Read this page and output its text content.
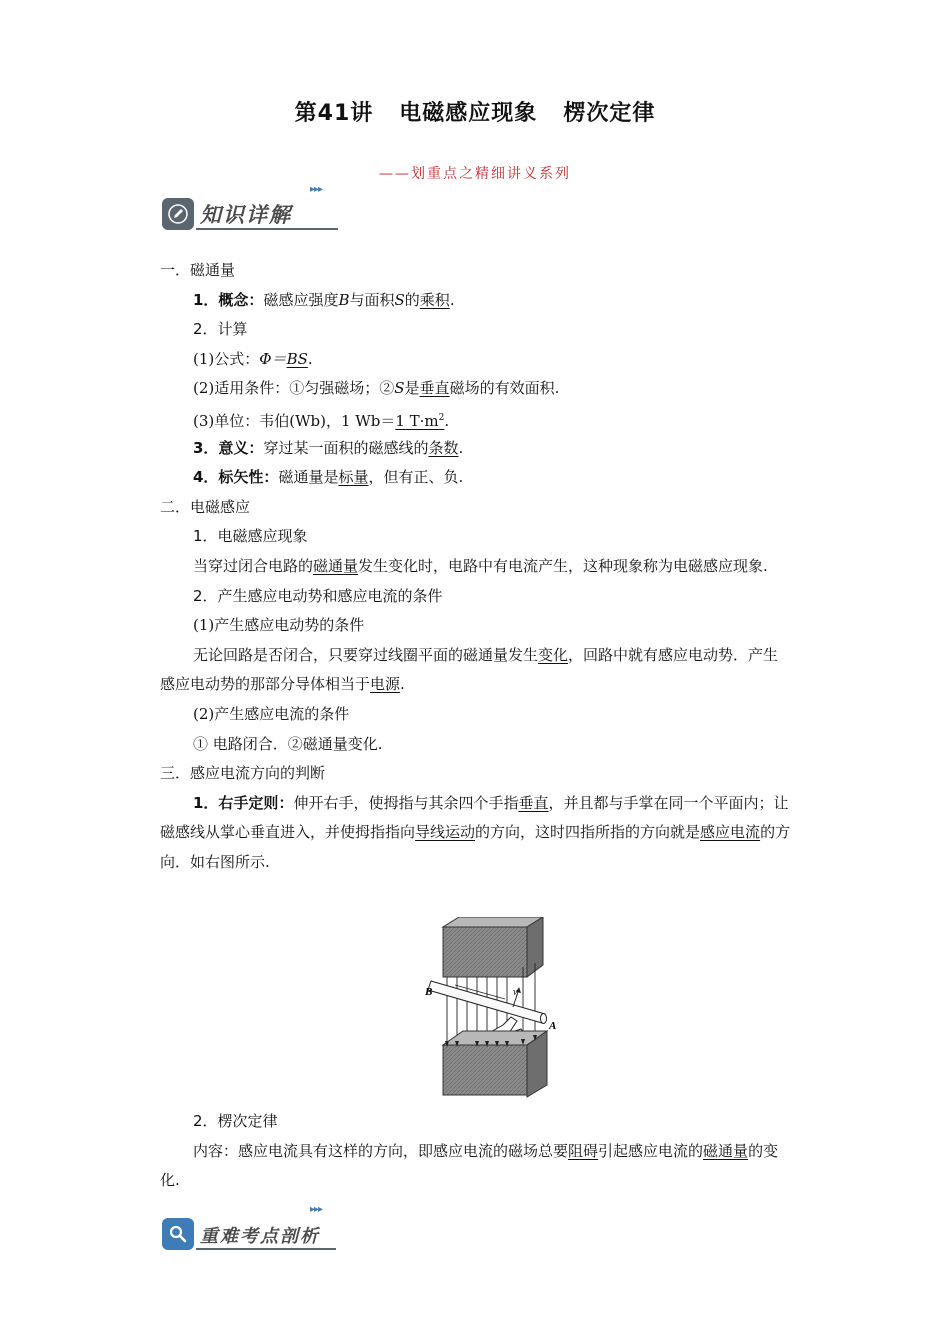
第41讲 电磁感应现象 楞次定律
——划重点之精细讲义系列
知识详解
▸▸▸
一．磁通量
1．概念：磁感应强度B与面积S的乘积.
2．计算
(1)公式：Φ＝BS.
(2)适用条件：①匀强磁场；②S是垂直磁场的有效面积.
(3)单位：韦伯(Wb)，1 Wb＝1 $T\cdot m^2$.
3．意义：穿过某一面积的磁感线的条数.
4．标矢性：磁通量是标量，但有正、负.
二．电磁感应
1．电磁感应现象
当穿过闭合电路的磁通量发生变化时，电路中有电流产生，这种现象称为电磁感应现象.
2．产生感应电动势和感应电流的条件
(1)产生感应电动势的条件
无论回路是否闭合，只要穿过线圈平面的磁通量发生变化，回路中就有感应电动势．产生感应电动势的那部分导体相当于电源.
(2)产生感应电流的条件
① 电路闭合．②磁通量变化.
三．感应电流方向的判断
1．右手定则：伸开右手，使拇指与其余四个手指垂直，并且都与手掌在同一个平面内；让磁感线从掌心垂直进入，并使拇指指向导线运动的方向，这时四指所指的方向就是感应电流的方向．如右图所示.
v
B
A
2．楞次定律
内容：感应电流具有这样的方向，即感应电流的磁场总要阻碍引起感应电流的磁通量的变化.
重难考点剖析
▸▸▸
